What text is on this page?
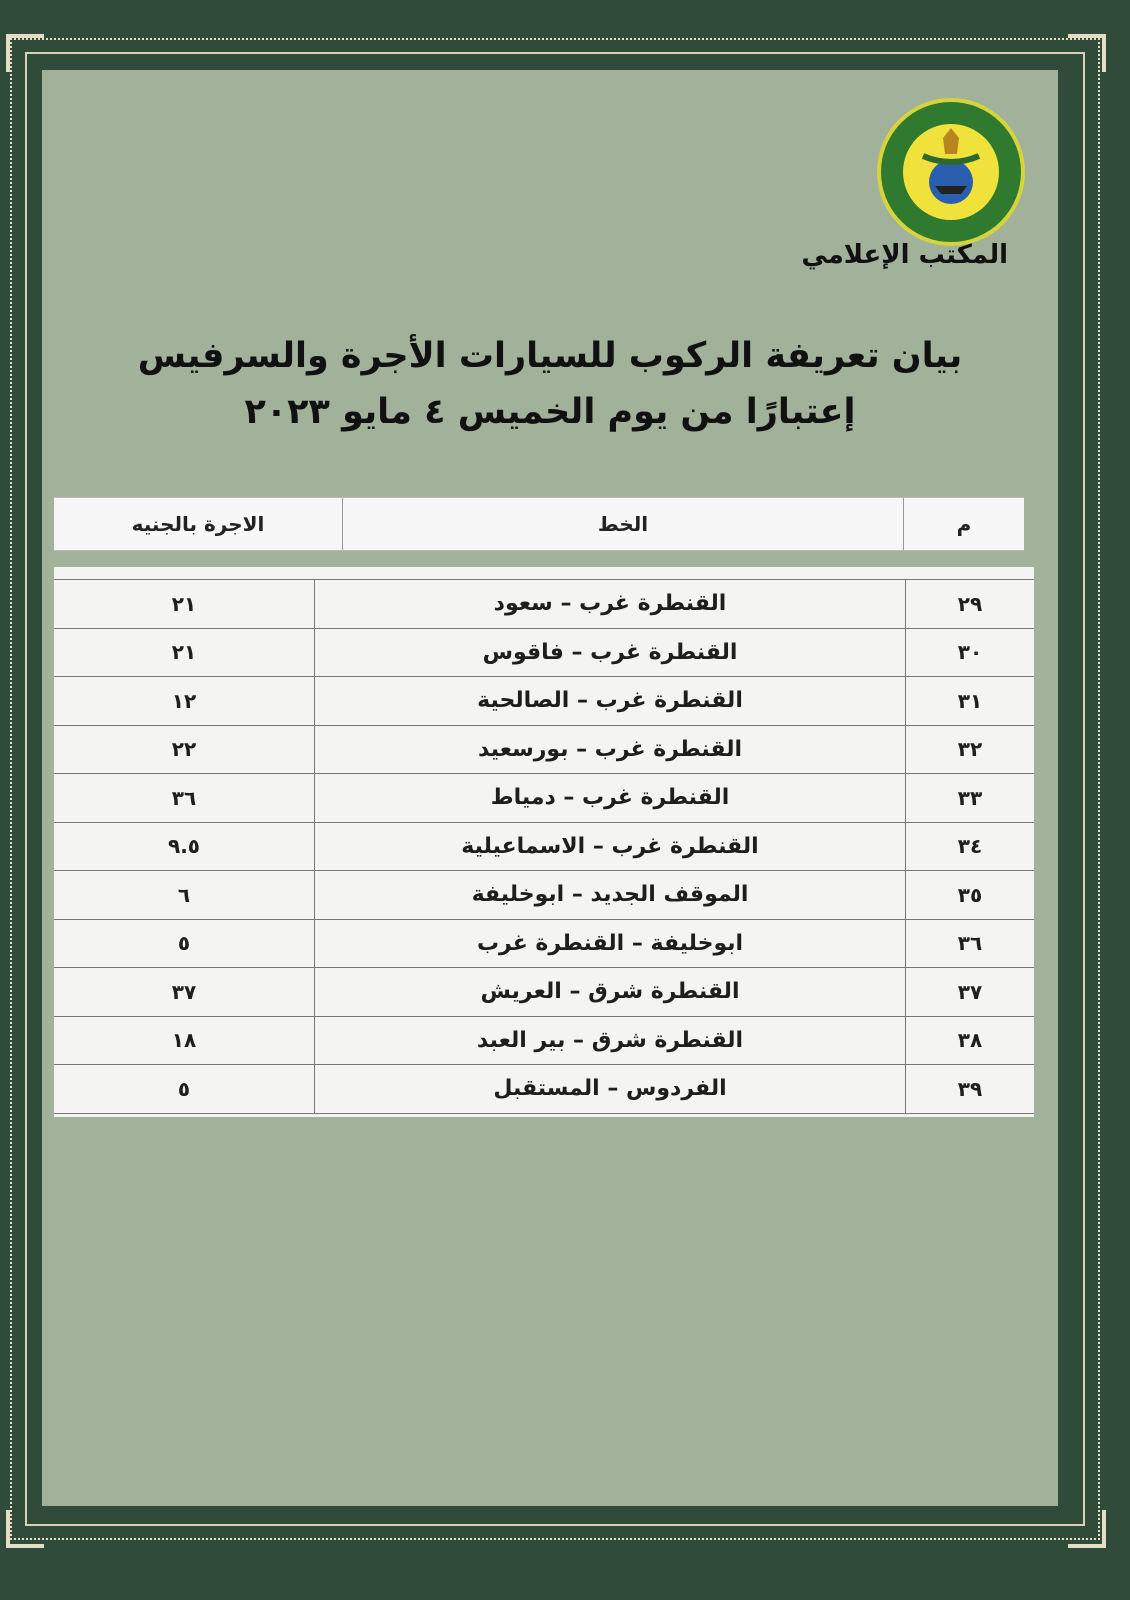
المكتب الإعلامي
بيان تعريفة الركوب للسيارات الأجرة والسرفيس
إعتبارًا من يوم الخميس ٤ مايو ٢٠٢٣
م
الخط
الاجرة بالجنيه
٢٩
القنطرة غرب – سعود
٢١
٣٠
القنطرة غرب – فاقوس
٢١
٣١
القنطرة غرب – الصالحية
١٢
٣٢
القنطرة غرب – بورسعيد
٢٢
٣٣
القنطرة غرب – دمياط
٣٦
٣٤
القنطرة غرب – الاسماعيلية
٩.٥
٣٥
الموقف الجديد – ابوخليفة
٦
٣٦
ابوخليفة – القنطرة غرب
٥
٣٧
القنطرة شرق – العريش
٣٧
٣٨
القنطرة شرق – بير العبد
١٨
٣٩
الفردوس – المستقبل
٥
